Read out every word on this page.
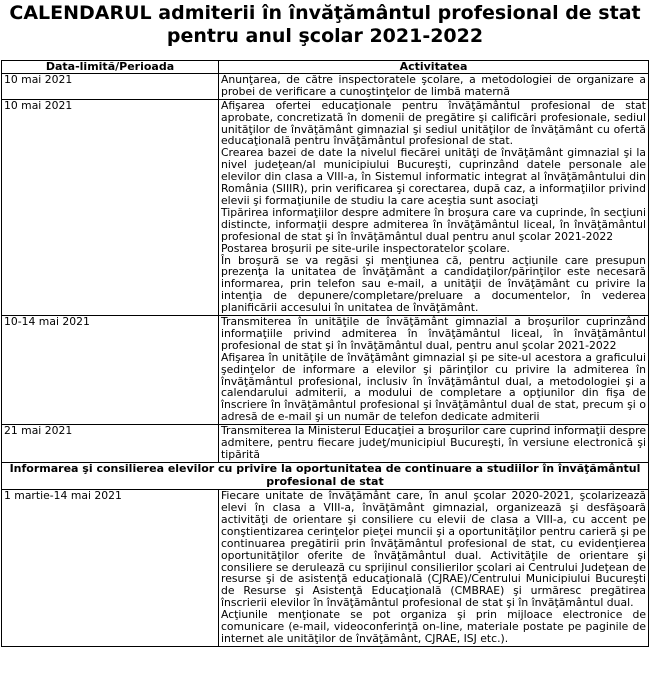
CALENDARUL admiterii în învăţământul profesional de stat pentru anul şcolar 2021-2022
Data-limită/Perioada	Activitatea
10 mai 2021	Anunţarea, de către inspectoratele şcolare, a metodologiei de organizare a probei de verificare a cunoştinţelor de limbă maternă

10 mai 2021	Afişarea ofertei educaţionale pentru învăţământul profesional de stat aprobate, concretizată în domenii de pregătire şi calificări profesionale, sediul unităţilor de învăţământ gimnazial şi sediul unităţilor de învăţământ cu ofertă educaţională pentru învăţământul profesional de stat.

Crearea bazei de date la nivelul fiecărei unităţi de învăţământ gimnazial şi la nivel judeţean/al municipiului Bucureşti, cuprinzând datele personale ale elevilor din clasa a VIII-a, în Sistemul informatic integrat al învăţământului din România (SIIIR), prin verificarea şi corectarea, după caz, a informaţiilor privind elevii şi formaţiunile de studiu la care aceştia sunt asociaţi

Tipărirea informaţiilor despre admitere în broşura care va cuprinde, în secţiuni distincte, informaţii despre admiterea în învăţământul liceal, în învăţământul profesional de stat şi în învăţământul dual pentru anul şcolar 2021-2022

Postarea broşurii pe site-urile inspectoratelor şcolare.

În broşură se va regăsi şi menţiunea că, pentru acţiunile care presupun prezenţa la unitatea de învăţământ a candidaţilor/părinţilor este necesară informarea, prin telefon sau e-mail, a unităţii de învăţământ cu privire la intenţia de depunere/completare/preluare a documentelor, în vederea planificării accesului în unitatea de învăţământ.

10-14 mai 2021	Transmiterea în unităţile de învăţământ gimnazial a broşurilor cuprinzând informaţiile privind admiterea în învăţământul liceal, în învăţământul profesional de stat şi în învăţământul dual, pentru anul şcolar 2021-2022

Afişarea în unităţile de învăţământ gimnazial şi pe site-ul acestora a graficului şedinţelor de informare a elevilor şi părinţilor cu privire la admiterea în învăţământul profesional, inclusiv în învăţământul dual, a metodologiei şi a calendarului admiterii, a modului de completare a opţiunilor din fişa de înscriere în învăţământul profesional şi învăţământul dual de stat, precum şi o adresă de e-mail şi un număr de telefon dedicate admiterii

21 mai 2021	Transmiterea la Ministerul Educaţiei a broşurilor care cuprind informaţii despre admitere, pentru fiecare judeţ/municipiul Bucureşti, în versiune electronică şi tipărită

Informarea şi consilierea elevilor cu privire la oportunitatea de continuare a studiilor în învăţământul profesional de stat	
1 martie-14 mai 2021	Fiecare unitate de învăţământ care, în anul şcolar 2020-2021, şcolarizează elevi în clasa a VIII-a, învăţământ gimnazial, organizează şi desfăşoară activităţi de orientare şi consiliere cu elevii de clasa a VIII-a, cu accent pe conştientizarea cerinţelor pieţei muncii şi a oportunităţilor pentru carieră şi pe continuarea pregătirii prin învăţământul profesional de stat, cu evidenţierea oportunităţilor oferite de învăţământul dual. Activităţile de orientare şi consiliere se derulează cu sprijinul consilierilor şcolari ai Centrului Judeţean de resurse şi de asistenţă educaţională (CJRAE)/Centrului Municipiului Bucureşti de Resurse şi Asistenţă Educaţională (CMBRAE) şi urmăresc pregătirea înscrierii elevilor în învăţământul profesional de stat şi în învăţământul dual.

Acţiunile menţionate se pot organiza şi prin mijloace electronice de comunicare (e-mail, videoconferinţă on-line, materiale postate pe paginile de internet ale unităţilor de învăţământ, CJRAE, ISJ etc.).
